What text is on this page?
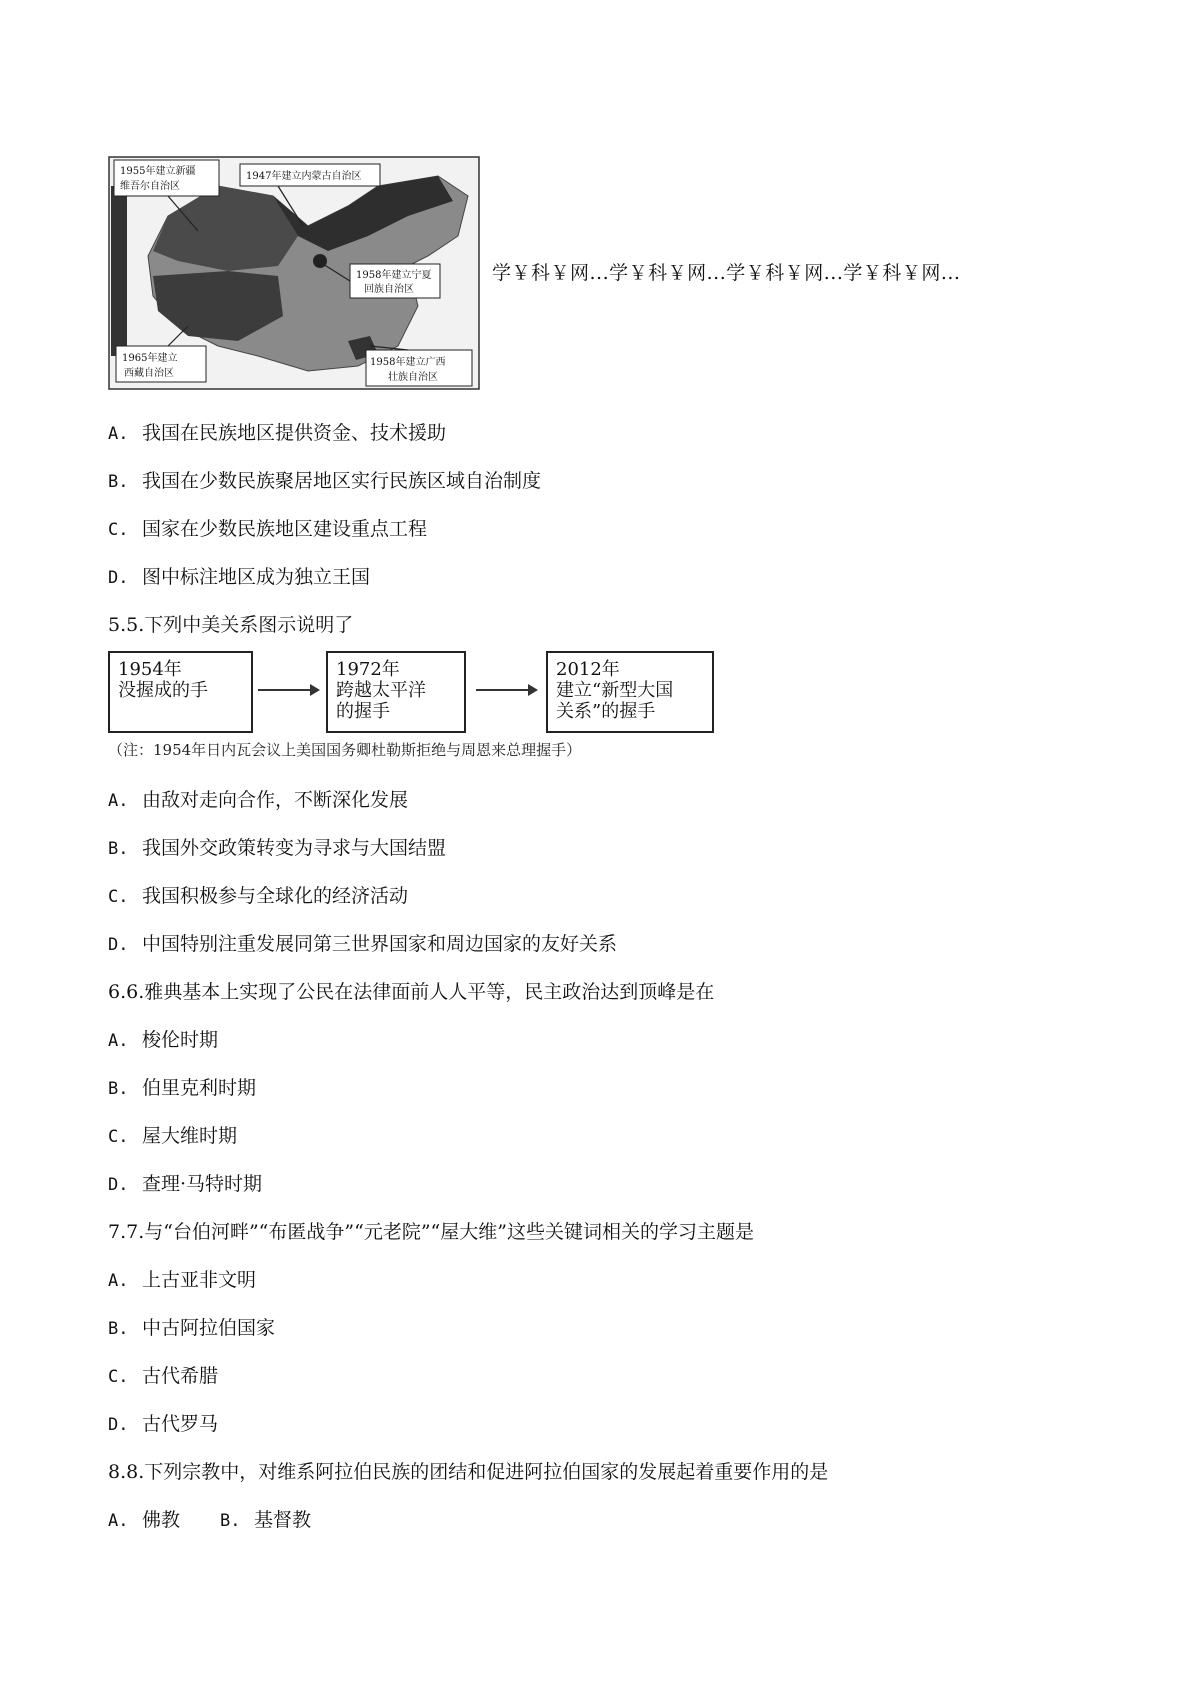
1955年建立新疆
维吾尔自治区
1947年建立内蒙古自治区
1958年建立宁夏
回族自治区
1965年建立
西藏自治区
1958年建立广西
壮族自治区
学￥科￥网...学￥科￥网...学￥科￥网...学￥科￥网...
A. 我国在民族地区提供资金、技术援助
B. 我国在少数民族聚居地区实行民族区域自治制度
C. 国家在少数民族地区建设重点工程
D. 图中标注地区成为独立王国
5.5.下列中美关系图示说明了
1954年
没握成的手
1972年
跨越太平洋
的握手
2012年
建立“新型大国
关系”的握手
（注：1954年日内瓦会议上美国国务卿杜勒斯拒绝与周恩来总理握手）
A. 由敌对走向合作，不断深化发展
B. 我国外交政策转变为寻求与大国结盟
C. 我国积极参与全球化的经济活动
D. 中国特别注重发展同第三世界国家和周边国家的友好关系
6.6.雅典基本上实现了公民在法律面前人人平等，民主政治达到顶峰是在
A. 梭伦时期
B. 伯里克利时期
C. 屋大维时期
D. 查理·马特时期
7.7.与“台伯河畔”“布匿战争”“元老院”“屋大维”这些关键词相关的学习主题是
A. 上古亚非文明
B. 中古阿拉伯国家
C. 古代希腊
D. 古代罗马
8.8.下列宗教中，对维系阿拉伯民族的团结和促进阿拉伯国家的发展起着重要作用的是
A. 佛教 B. 基督教
